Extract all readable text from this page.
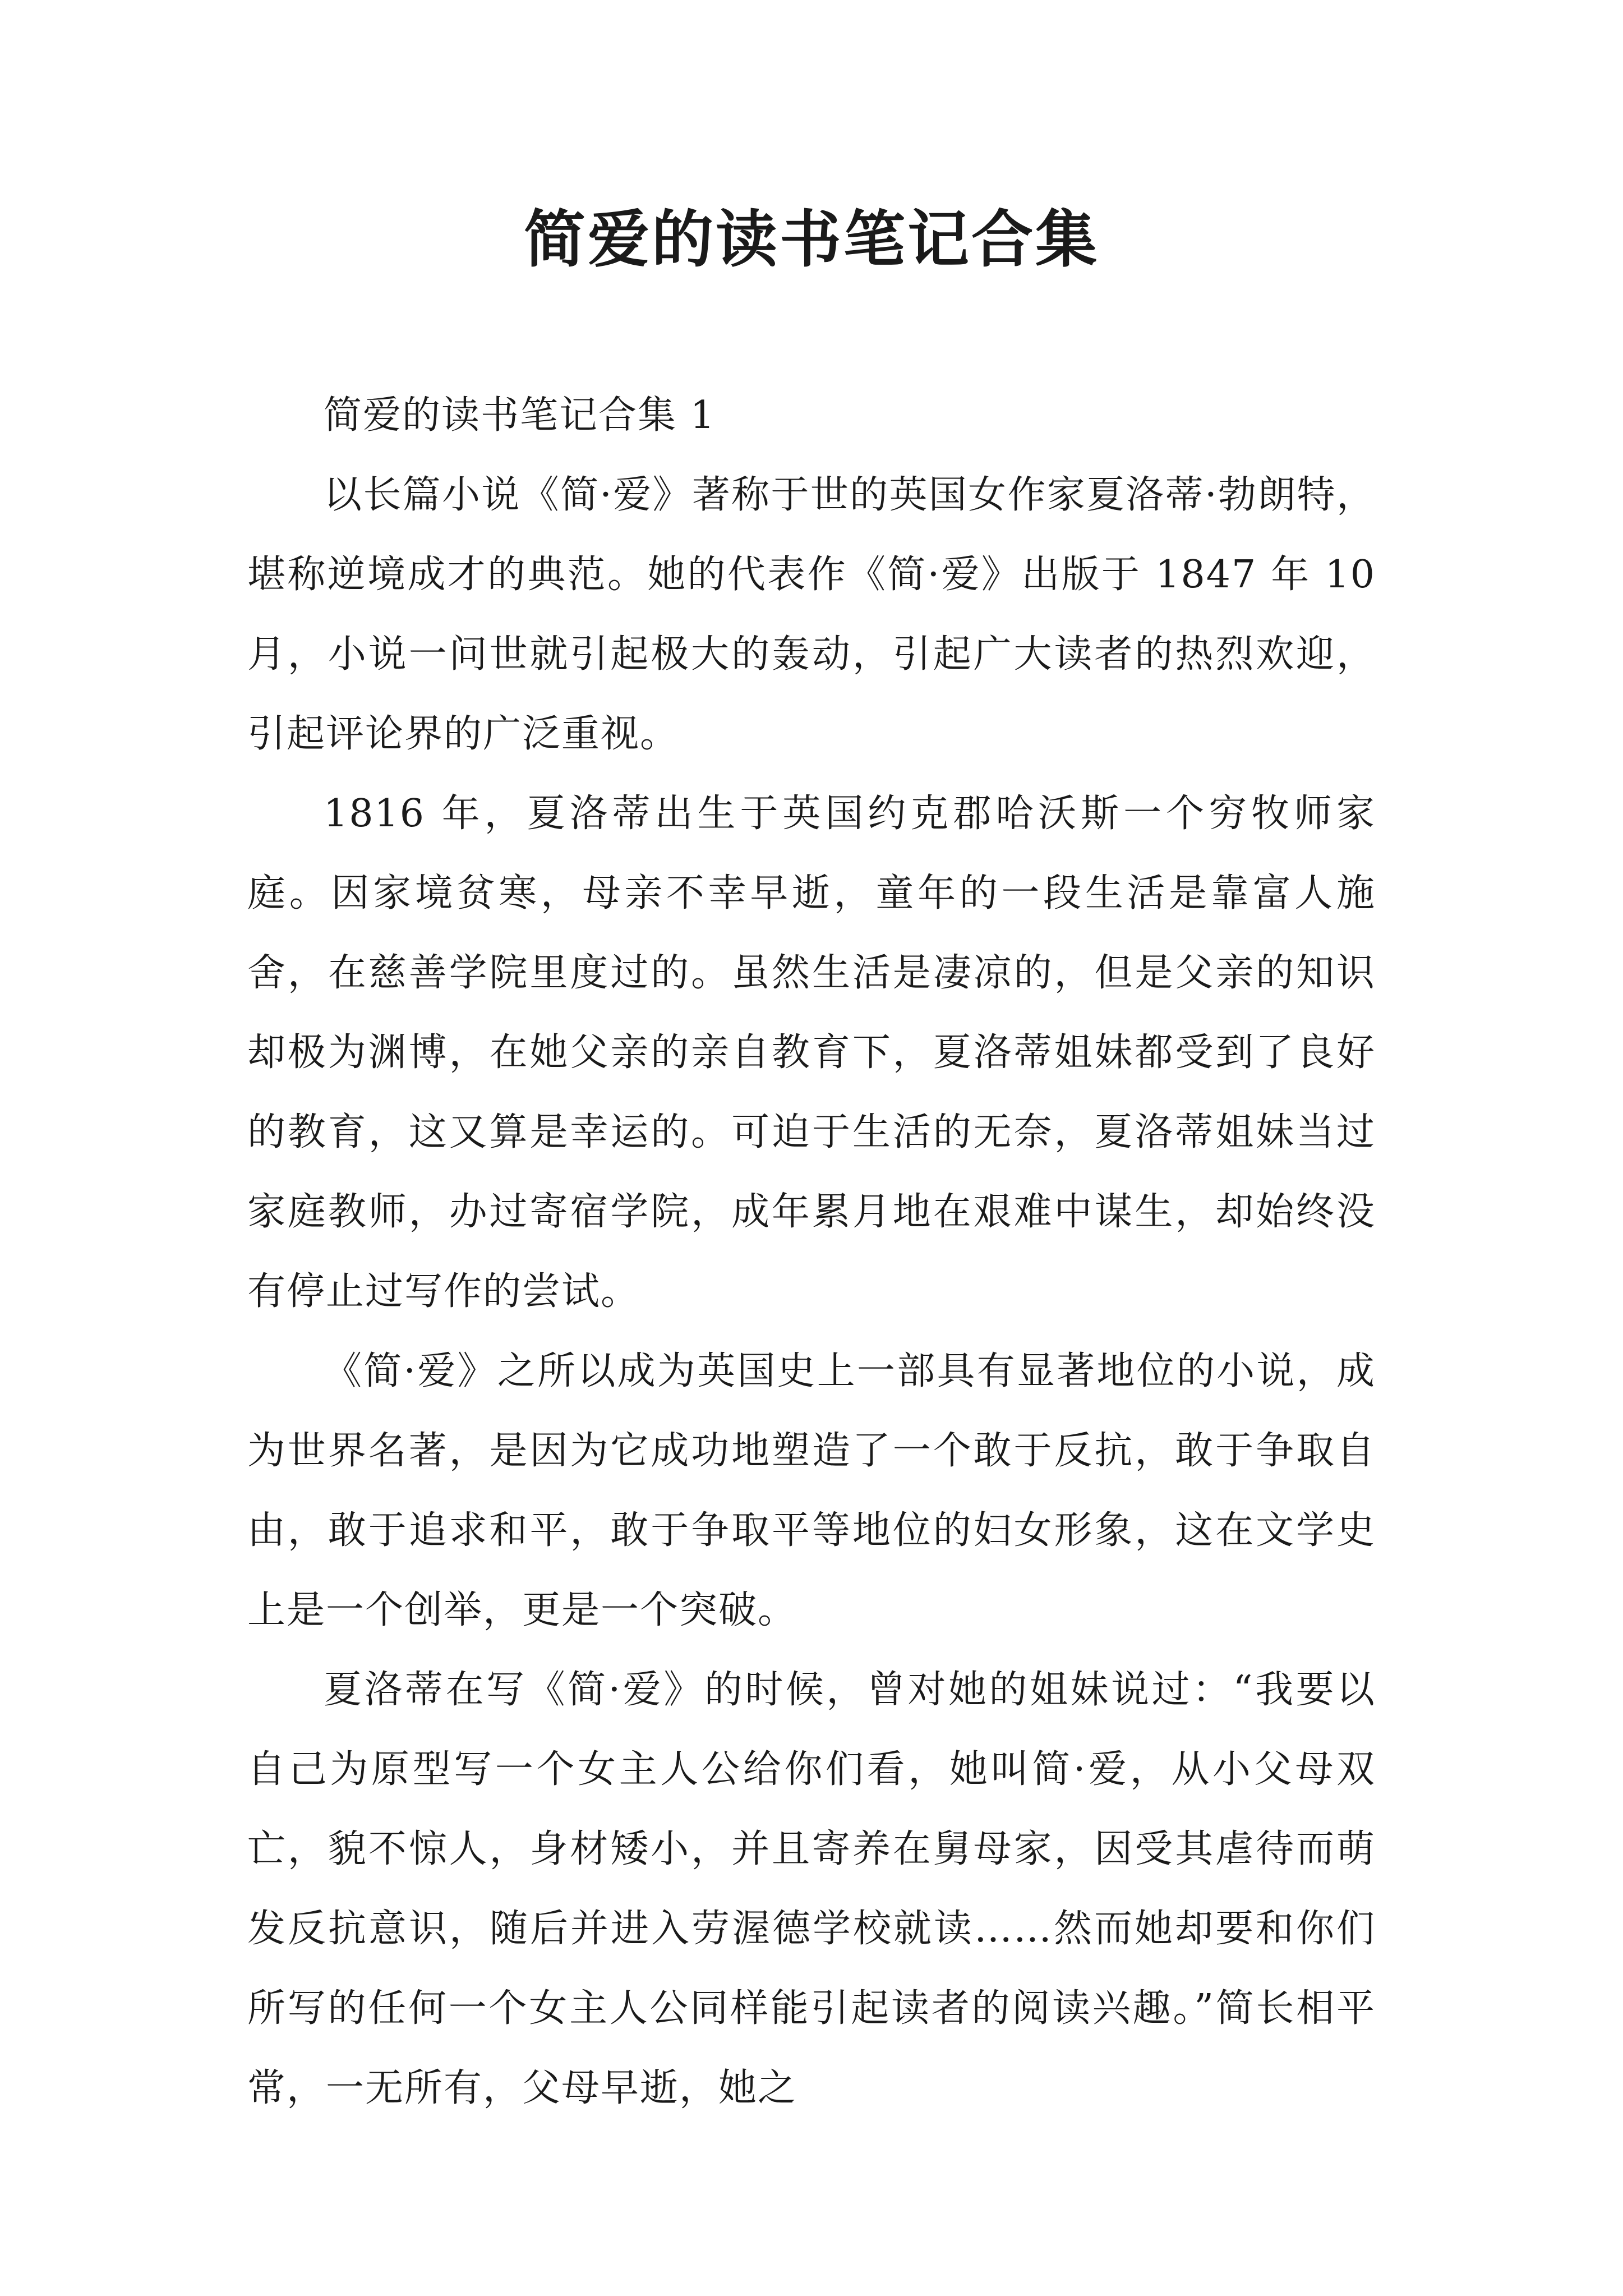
简爱的读书笔记合集

简爱的读书笔记合集 1

以长篇小说《简·爱》著称于世的英国女作家夏洛蒂·勃朗特，堪称逆境成才的典范。她的代表作《简·爱》出版于 1847 年 10 月，小说一问世就引起极大的轰动，引起广大读者的热烈欢迎，引起评论界的广泛重视。

1816 年，夏洛蒂出生于英国约克郡哈沃斯一个穷牧师家庭。因家境贫寒，母亲不幸早逝，童年的一段生活是靠富人施舍，在慈善学院里度过的。虽然生活是凄凉的，但是父亲的知识却极为渊博，在她父亲的亲自教育下，夏洛蒂姐妹都受到了良好的教育，这又算是幸运的。可迫于生活的无奈，夏洛蒂姐妹当过家庭教师，办过寄宿学院，成年累月地在艰难中谋生，却始终没有停止过写作的尝试。

《简·爱》之所以成为英国史上一部具有显著地位的小说，成为世界名著，是因为它成功地塑造了一个敢于反抗，敢于争取自由，敢于追求和平，敢于争取平等地位的妇女形象，这在文学史上是一个创举，更是一个突破。

夏洛蒂在写《简·爱》的时候，曾对她的姐妹说过：“我要以自己为原型写一个女主人公给你们看，她叫简·爱，从小父母双亡，貌不惊人，身材矮小，并且寄养在舅母家，因受其虐待而萌发反抗意识，随后并进入劳渥德学校就读……然而她却要和你们所写的任何一个女主人公同样能引起读者的阅读兴趣。”简长相平常，一无所有，父母早逝，她之
